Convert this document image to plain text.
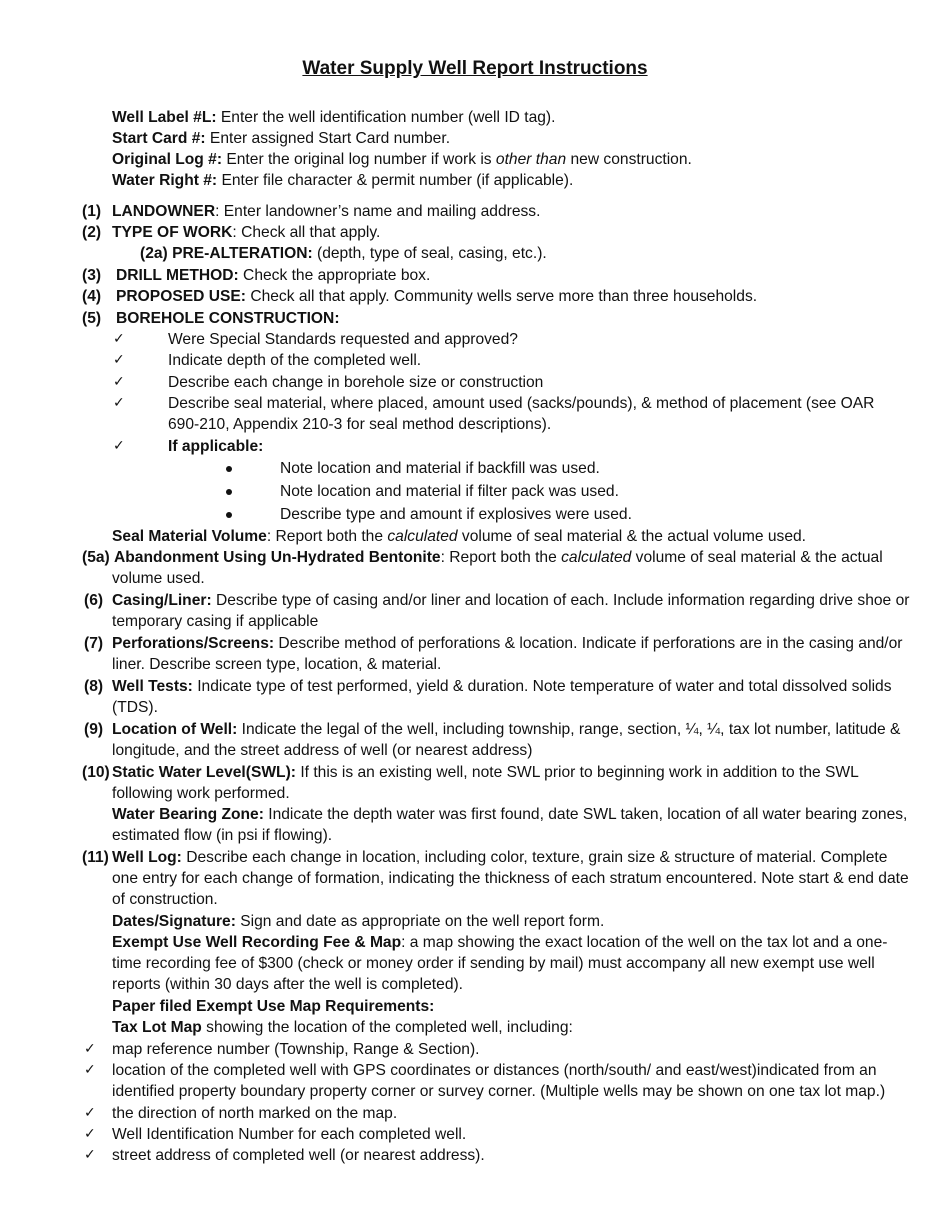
Water Supply Well Report Instructions
Well Label #L: Enter the well identification number (well ID tag).
Start Card #: Enter assigned Start Card number.
Original Log #: Enter the original log number if work is other than new construction.
Water Right #: Enter file character & permit number (if applicable).
(1) LANDOWNER: Enter landowner’s name and mailing address.
(2) TYPE OF WORK: Check all that apply.
(2a) PRE-ALTERATION: (depth, type of seal, casing, etc.).
(3) DRILL METHOD: Check the appropriate box.
(4) PROPOSED USE: Check all that apply. Community wells serve more than three households.
(5) BOREHOLE CONSTRUCTION:
✓	Were Special Standards requested and approved?
✓	Indicate depth of the completed well.
✓	Describe each change in borehole size or construction
✓	Describe seal material, where placed, amount used (sacks/pounds), & method of placement (see OAR
690-210, Appendix 210-3 for seal method descriptions).
✓	If applicable:
Note location and material if backfill was used.
Note location and material if filter pack was used.
Describe type and amount if explosives were used.
Seal Material Volume: Report both the calculated volume of seal material & the actual volume used.
(5a) Abandonment Using Un-Hydrated Bentonite: Report both the calculated volume of seal material & the actual
volume used.
(6) Casing/Liner: Describe type of casing and/or liner and location of each. Include information regarding drive shoe or
temporary casing if applicable
(7) Perforations/Screens: Describe method of perforations & location. Indicate if perforations are in the casing and/or
liner. Describe screen type, location, & material.
(8) Well Tests: Indicate type of test performed, yield & duration. Note temperature of water and total dissolved solids
(TDS).
(9) Location of Well: Indicate the legal of the well, including township, range, section, ¼, ¼, tax lot number, latitude &
longitude, and the street address of well (or nearest address)
(10) Static Water Level(SWL): If this is an existing well, note SWL prior to beginning work in addition to the SWL
following work performed.
Water Bearing Zone: Indicate the depth water was first found, date SWL taken, location of all water bearing zones,
estimated flow (in psi if flowing).
(11) Well Log: Describe each change in location, including color, texture, grain size & structure of material. Complete
one entry for each change of formation, indicating the thickness of each stratum encountered. Note start & end date
of construction.
Dates/Signature: Sign and date as appropriate on the well report form.
Exempt Use Well Recording Fee & Map: a map showing the exact location of the well on the tax lot and a one-
time recording fee of $300 (check or money order if sending by mail) must accompany all new exempt use well
reports (within 30 days after the well is completed).
Paper filed Exempt Use Map Requirements:
Tax Lot Map showing the location of the completed well, including:
✓ map reference number (Township, Range & Section).
✓ location of the completed well with GPS coordinates or distances (north/south/ and east/west)indicated from an
identified property boundary property corner or survey corner. (Multiple wells may be shown on one tax lot map.)
✓ the direction of north marked on the map.
✓ Well Identification Number for each completed well.
✓ street address of completed well (or nearest address).
